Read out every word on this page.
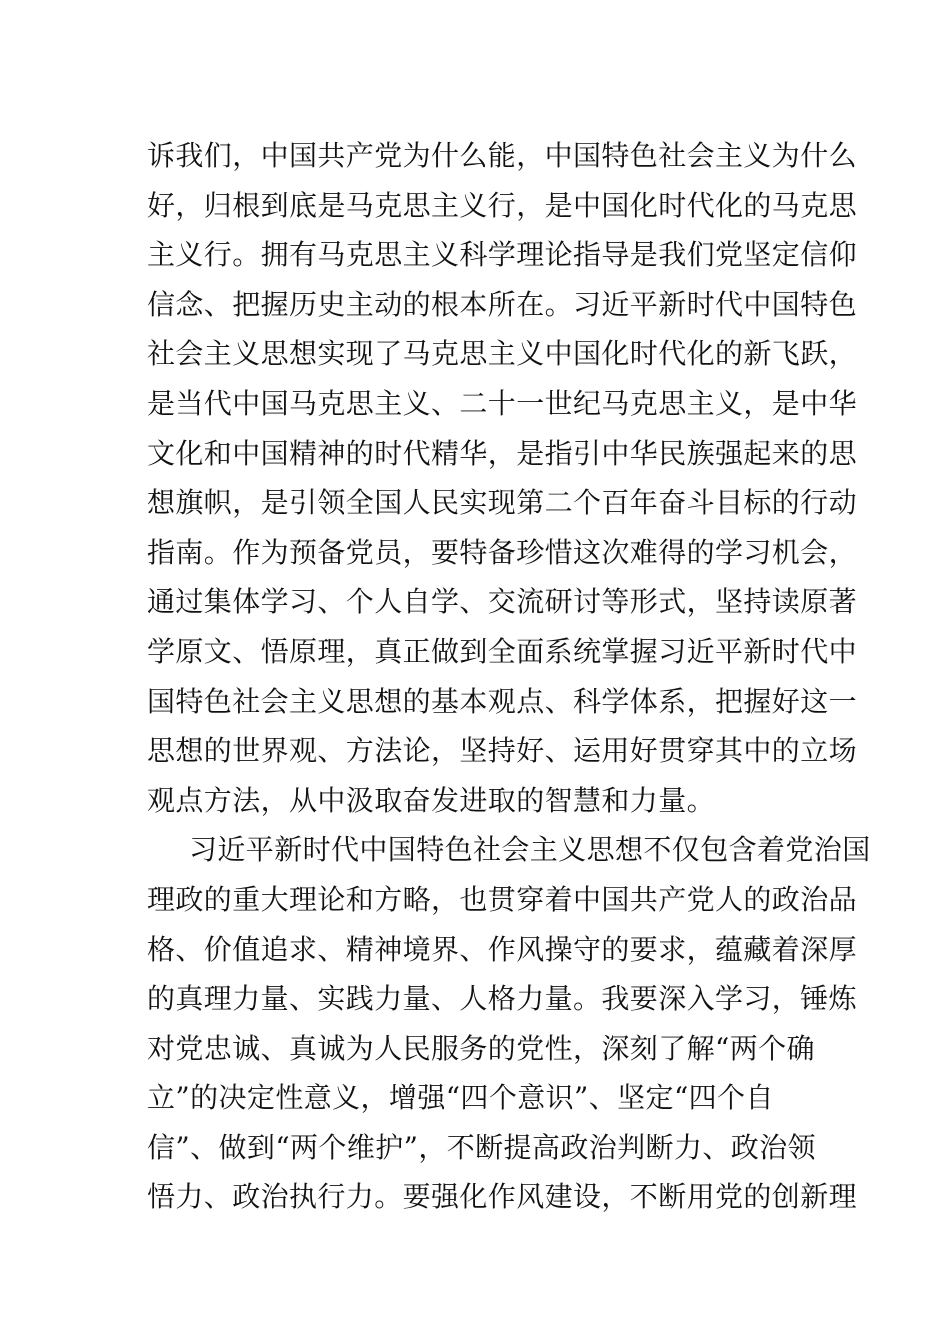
诉我们，中国共产党为什么能，中国特色社会主义为什么
好，归根到底是马克思主义行，是中国化时代化的马克思
主义行。拥有马克思主义科学理论指导是我们党坚定信仰
信念、把握历史主动的根本所在。习近平新时代中国特色
社会主义思想实现了马克思主义中国化时代化的新飞跃，
是当代中国马克思主义、二十一世纪马克思主义，是中华
文化和中国精神的时代精华，是指引中华民族强起来的思
想旗帜，是引领全国人民实现第二个百年奋斗目标的行动
指南。作为预备党员，要特备珍惜这次难得的学习机会，
通过集体学习、个人自学、交流研讨等形式，坚持读原著
学原文、悟原理，真正做到全面系统掌握习近平新时代中
国特色社会主义思想的基本观点、科学体系，把握好这一
思想的世界观、方法论，坚持好、运用好贯穿其中的立场
观点方法，从中汲取奋发进取的智慧和力量。
习近平新时代中国特色社会主义思想不仅包含着党治国
理政的重大理论和方略，也贯穿着中国共产党人的政治品
格、价值追求、精神境界、作风操守的要求，蕴藏着深厚
的真理力量、实践力量、人格力量。我要深入学习，锤炼
对党忠诚、真诚为人民服务的党性，深刻了解“两个确
立”的决定性意义，增强“四个意识”、坚定“四个自
信”、做到“两个维护”，不断提高政治判断力、政治领
悟力、政治执行力。要强化作风建设，不断用党的创新理
